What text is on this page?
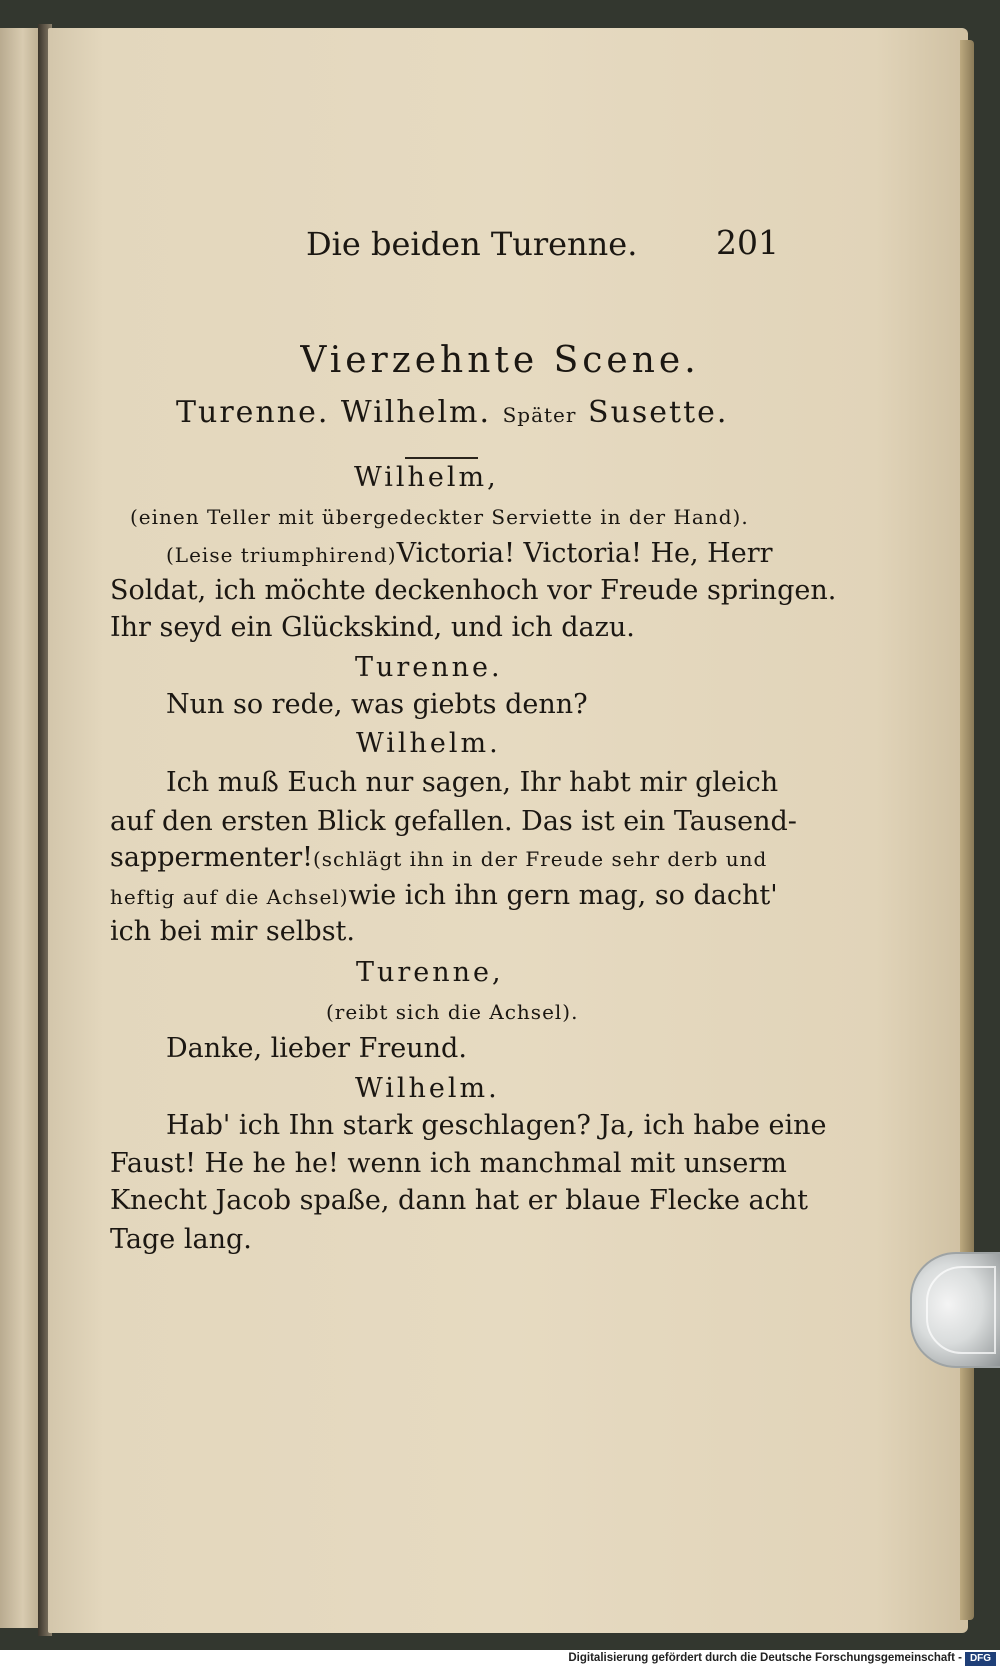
Die beiden Turenne. 201
Vierzehnte Scene.
Turenne. Wilhelm. Später Susette.
Wilhelm,
(einen Teller mit übergedeckter Serviette in der Hand).
(Leise triumphirend) Victoria! Victoria! He, Herr
Soldat, ich möchte deckenhoch vor Freude springen.
Ihr seyd ein Glückskind, und ich dazu.
Turenne.
Nun so rede, was giebts denn?
Wilhelm.
Ich muß Euch nur sagen, Ihr habt mir gleich
auf den ersten Blick gefallen. Das ist ein Tausend-
sappermenter! (schlägt ihn in der Freude sehr derb und
heftig auf die Achsel) wie ich ihn gern mag, so dacht'
ich bei mir selbst.
Turenne,
(reibt sich die Achsel).
Danke, lieber Freund.
Wilhelm.
Hab' ich Ihn stark geschlagen? Ja, ich habe eine
Faust! He he he! wenn ich manchmal mit unserm
Knecht Jacob spaße, dann hat er blaue Flecke acht
Tage lang.
Digitalisierung gefördert durch die Deutsche Forschungsgemeinschaft - DFG
